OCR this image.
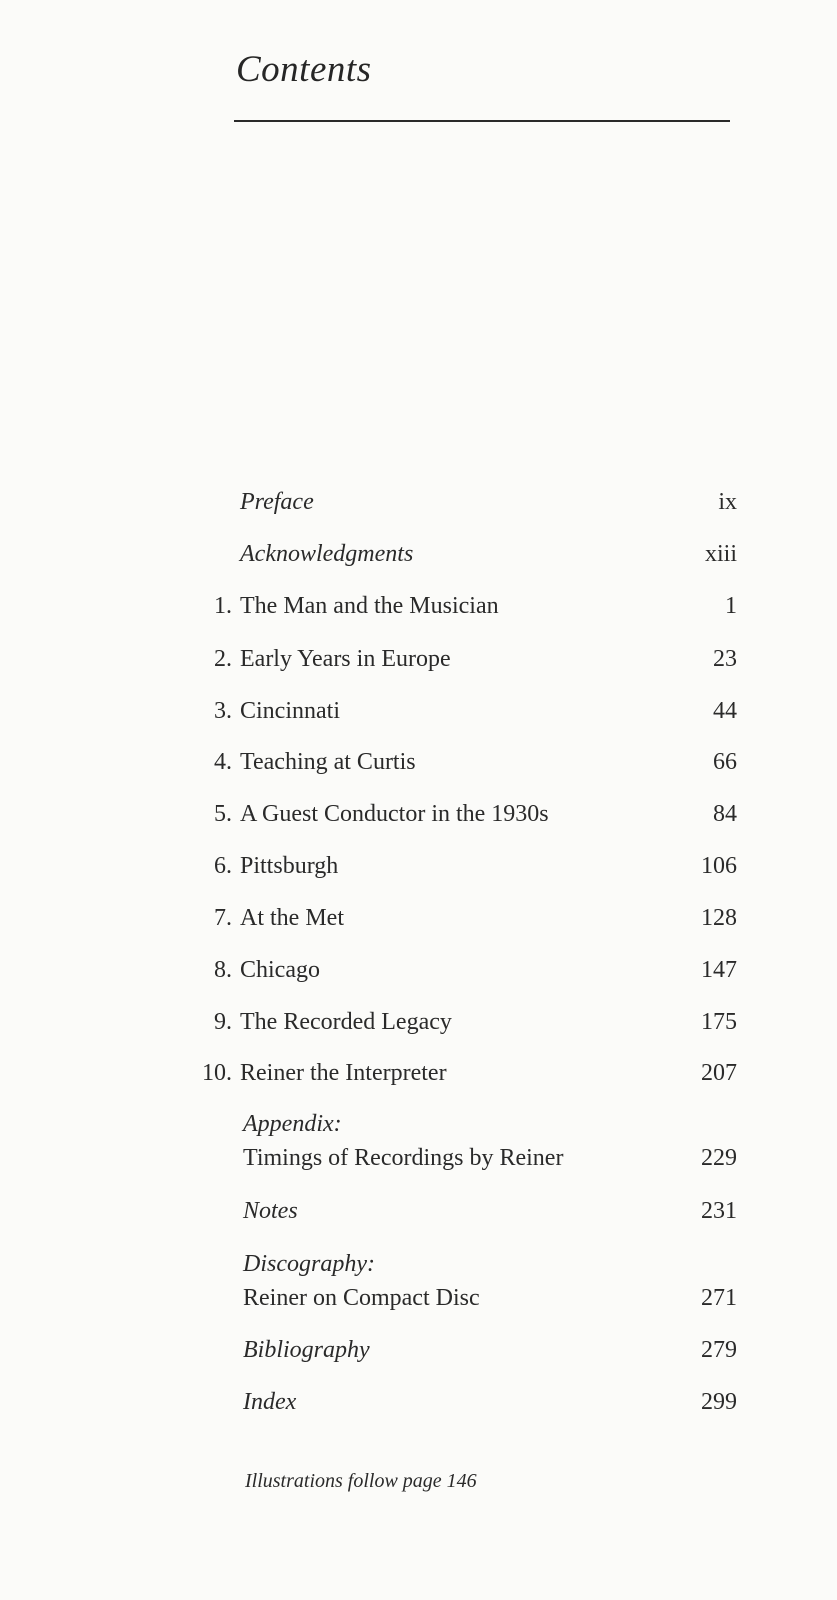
Contents
Preface	ix
Acknowledgments	xiii
1. The Man and the Musician	1
2. Early Years in Europe	23
3. Cincinnati	44
4. Teaching at Curtis	66
5. A Guest Conductor in the 1930s	84
6. Pittsburgh	106
7. At the Met	128
8. Chicago	147
9. The Recorded Legacy	175
10. Reiner the Interpreter	207
Appendix:
Timings of Recordings by Reiner	229
Notes	231
Discography:
Reiner on Compact Disc	271
Bibliography	279
Index	299
Illustrations follow page 146
